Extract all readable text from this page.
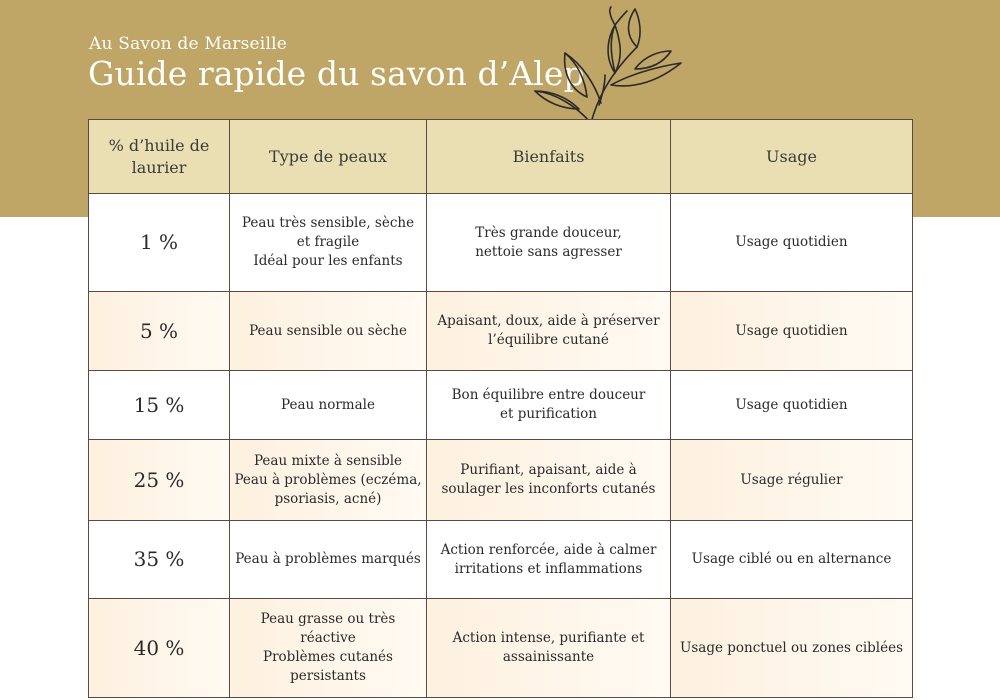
Au Savon de Marseille
Guide rapide du savon d’Alep
% d’huile de
laurier	Type de peaux	Bienfaits	Usage

1 %	Peau très sensible, sèche
et fragile
Idéal pour les enfants	Très grande douceur,
nettoie sans agresser	Usage quotidien

5 %	Peau sensible ou sèche	Apaisant, doux, aide à préserver
l’équilibre cutané	Usage quotidien

15 %	Peau normale	Bon équilibre entre douceur
et purification	Usage quotidien

25 %	Peau mixte à sensible
Peau à problèmes (eczéma,
psoriasis, acné)	Purifiant, apaisant, aide à
soulager les inconforts cutanés	Usage régulier

35 %	Peau à problèmes marqués	Action renforcée, aide à calmer
irritations et inflammations	Usage ciblé ou en alternance

40 %	Peau grasse ou très réactive
Problèmes cutanés
persistants	Action intense, purifiante et
assainissante	Usage ponctuel ou zones ciblées
